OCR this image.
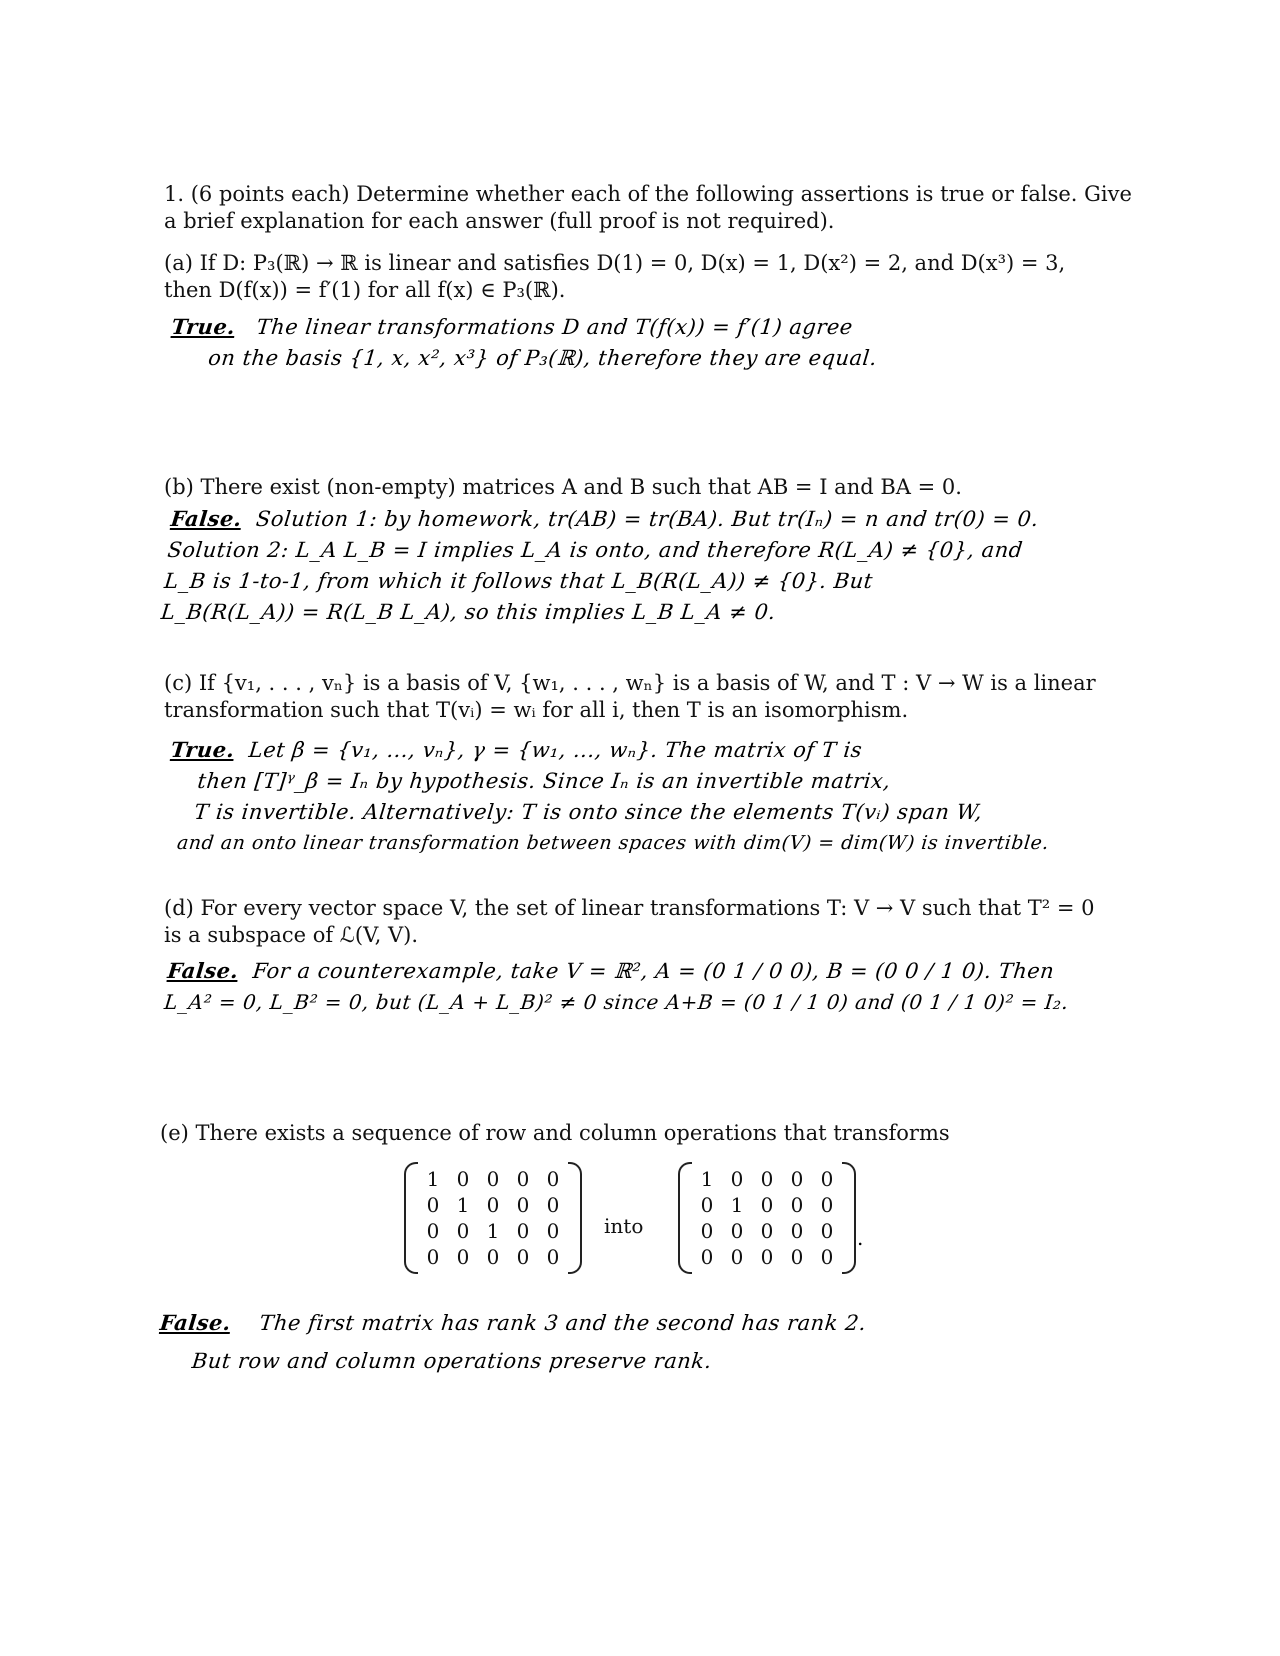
1. (6 points each) Determine whether each of the following assertions is true or false. Give
a brief explanation for each answer (full proof is not required).
(a) If D: P₃(ℝ) → ℝ is linear and satisfies D(1) = 0, D(x) = 1, D(x²) = 2, and D(x³) = 3,
then D(f(x)) = f′(1) for all f(x) ∈ P₃(ℝ).
True. The linear transformations D and T(f(x)) = f′(1) agree
on the basis {1, x, x², x³} of P₃(ℝ), therefore they are equal.
(b) There exist (non-empty) matrices A and B such that AB = I and BA = 0.
False. Solution 1: by homework, tr(AB) = tr(BA). But tr(Iₙ) = n and tr(0) = 0.
Solution 2: L_A L_B = I implies L_A is onto, and therefore R(L_A) ≠ {0}, and
L_B is 1-to-1, from which it follows that L_B(R(L_A)) ≠ {0}. But
L_B(R(L_A)) = R(L_B L_A), so this implies L_B L_A ≠ 0.
(c) If {v₁, . . . , vₙ} is a basis of V, {w₁, . . . , wₙ} is a basis of W, and T : V → W is a linear
transformation such that T(vᵢ) = wᵢ for all i, then T is an isomorphism.
True. Let β = {v₁, ..., vₙ}, γ = {w₁, ..., wₙ}. The matrix of T is
then [T]ᵞ_β = Iₙ by hypothesis. Since Iₙ is an invertible matrix,
T is invertible. Alternatively: T is onto since the elements T(vᵢ) span W,
and an onto linear transformation between spaces with dim(V) = dim(W) is invertible.
(d) For every vector space V, the set of linear transformations T: V → V such that T² = 0
is a subspace of ℒ(V, V).
False. For a counterexample, take V = ℝ², A = (0 1 / 0 0), B = (0 0 / 1 0). Then
L_A² = 0, L_B² = 0, but (L_A + L_B)² ≠ 0 since A+B = (0 1 / 1 0) and (0 1 / 1 0)² = I₂.
(e) There exists a sequence of row and column operations that transforms
1	0	0	0	0
0	1	0	0	0
0	0	1	0	0
0	0	0	0	0
into
1	0	0	0	0
0	1	0	0	0
0	0	0	0	0
0	0	0	0	0
.
False. The first matrix has rank 3 and the second has rank 2.
But row and column operations preserve rank.
